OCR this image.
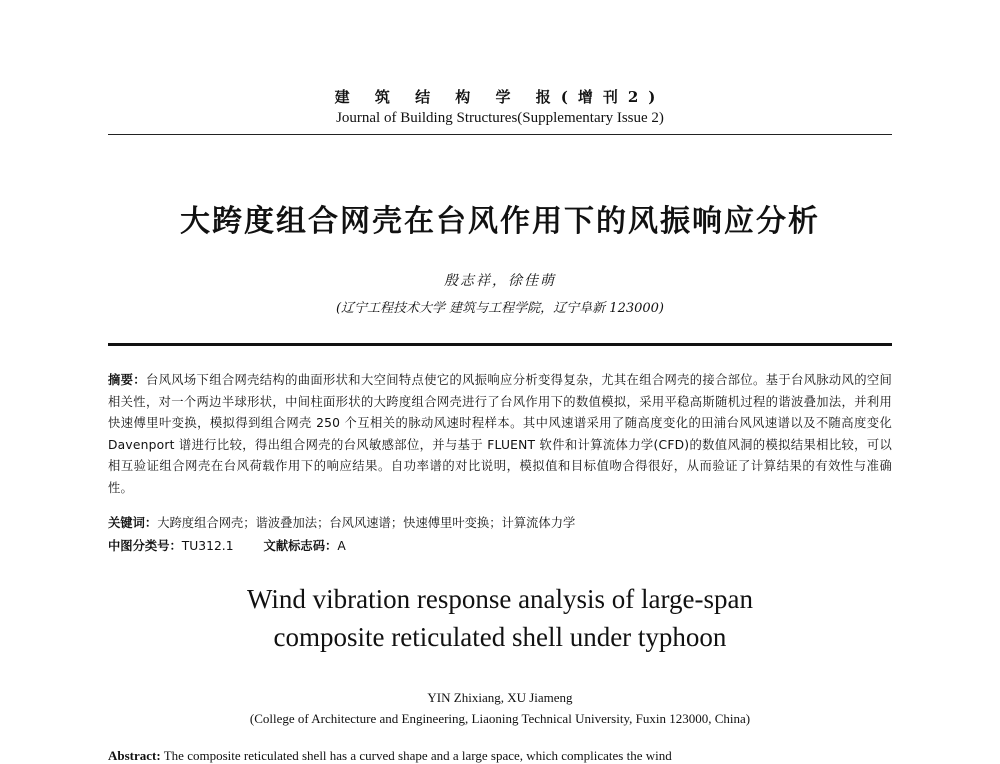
建 筑 结 构 学 报(增刊2)
Journal of Building Structures(Supplementary Issue 2)
大跨度组合网壳在台风作用下的风振响应分析
殷志祥，徐佳萌
(辽宁工程技术大学 建筑与工程学院，辽宁阜新 123000)
摘要：台风风场下组合网壳结构的曲面形状和大空间特点使它的风振响应分析变得复杂，尤其在组合网壳的接合部位。基于台风脉动风的空间相关性，对一个两边半球形状，中间柱面形状的大跨度组合网壳进行了台风作用下的数值模拟，采用平稳高斯随机过程的谐波叠加法，并利用快速傅里叶变换，模拟得到组合网壳 250 个互相关的脉动风速时程样本。其中风速谱采用了随高度变化的田浦台风风速谱以及不随高度变化 Davenport 谱进行比较，得出组合网壳的台风敏感部位，并与基于 FLUENT 软件和计算流体力学(CFD)的数值风洞的模拟结果相比较，可以相互验证组合网壳在台风荷载作用下的响应结果。自功率谱的对比说明，模拟值和目标值吻合得很好，从而验证了计算结果的有效性与准确性。
关键词：大跨度组合网壳；谐波叠加法；台风风速谱；快速傅里叶变换；计算流体力学
中图分类号：TU312.1 文献标志码：A
Wind vibration response analysis of large-span
composite reticulated shell under typhoon
YIN Zhixiang, XU Jiameng
(College of Architecture and Engineering, Liaoning Technical University, Fuxin 123000, China)
Abstract: The composite reticulated shell has a curved shape and a large space, which complicates the wind
